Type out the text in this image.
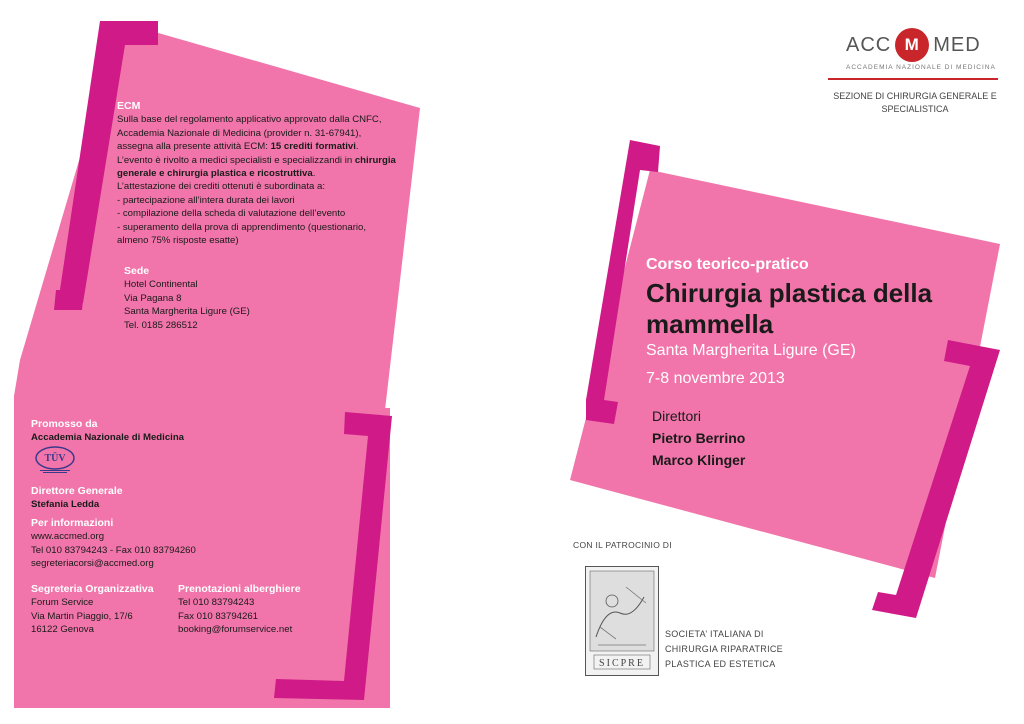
ECM
Sulla base del regolamento applicativo approvato dalla CNFC,
Accademia Nazionale di Medicina (provider n. 31-67941),
assegna alla presente attività ECM: 15 crediti formativi.
L’evento è rivolto a medici specialisti e specializzandi in chirurgia
generale e chirurgia plastica e ricostruttiva.
L’attestazione dei crediti ottenuti è subordinata a:
- partecipazione all’intera durata dei lavori
- compilazione della scheda di valutazione dell’evento
- superamento della prova di apprendimento (questionario,
almeno 75% risposte esatte)
Sede
Hotel Continental
Via Pagana 8
Santa Margherita Ligure (GE)
Tel. 0185 286512
Promosso da
Accademia Nazionale di Medicina
TÜV
Direttore Generale
Stefania Ledda
Per informazioni
www.accmed.org
Tel 010 83794243 - Fax 010 83794260
segreteriacorsi@accmed.org
Segreteria Organizzativa
Forum Service
Via Martin Piaggio, 17/6
16122 Genova
Prenotazioni alberghiere
Tel 010 83794243
Fax 010 83794261
booking@forumservice.net
ACC M MED
ACCADEMIA NAZIONALE DI MEDICINA
SEZIONE DI CHIRURGIA GENERALE E
SPECIALISTICA
Corso teorico-pratico
Chirurgia plastica della
mammella
Santa Margherita Ligure (GE)
7-8 novembre 2013
Direttori
Pietro Berrino
Marco Klinger
CON IL PATROCINIO DI
SICPRE
SOCIETA’ ITALIANA DI
CHIRURGIA RIPARATRICE
PLASTICA ED ESTETICA
